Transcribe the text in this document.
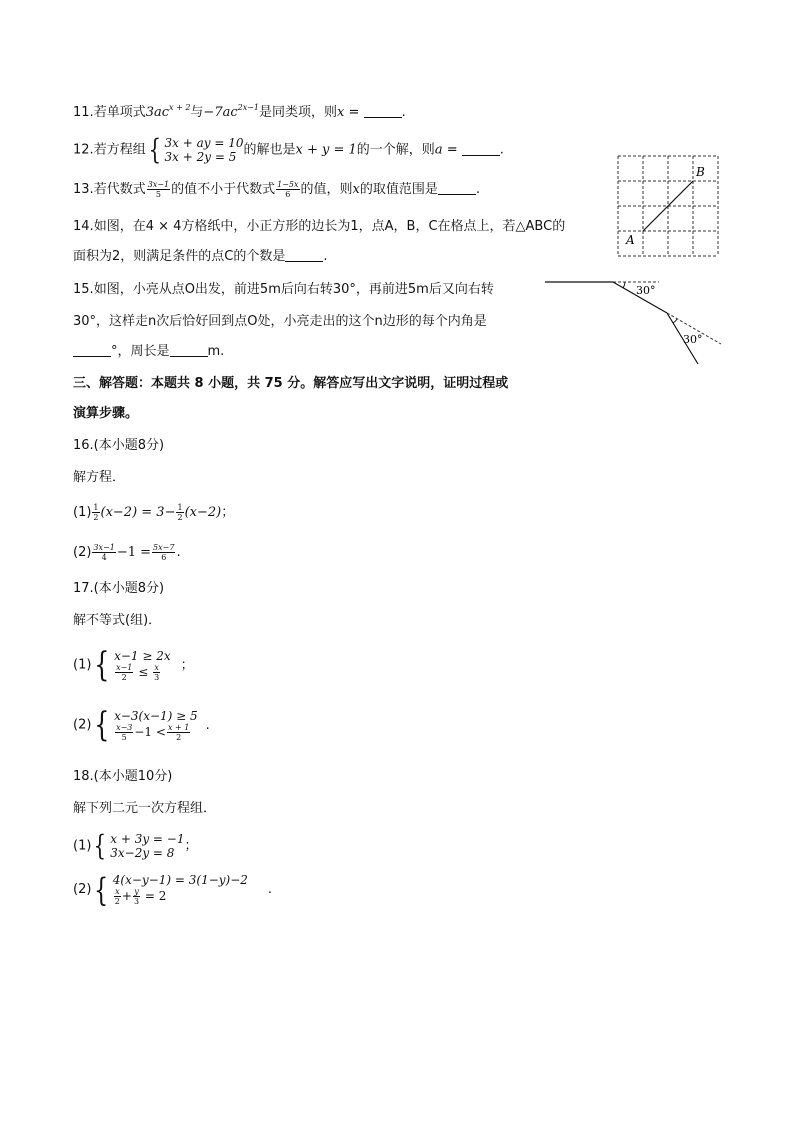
11.若单项式$3ac^{x + 2}$与$-7ac^{2x-1}$是同类项，则x =	.
12.若方程组 { 3x + ay = 10
3x + 2y = 5 的解也是x + y = 1的一个解，则a =	.
13.若代数式 $\frac{3x-1}{5}$ 的值不小于代数式 $\frac{1-5x}{6}$ 的值，则x的取值范围是	.
14.如图，在4 × 4方格纸中，小正方形的边长为1，点A，B，C在格点上，若△ABC的
面积为2，则满足条件的点C的个数是	.
15.如图，小亮从点O出发，前进5m后向右转30°，再前进5m后又向右转
30°，这样走n次后恰好回到点O处，小亮走出的这个n边形的每个内角是
°，周长是	m.
三、解答题：本题共 8 小题，共 75 分。解答应写出文字说明，证明过程或
演算步骤。
16.(本小题8分)
解方程．
$(1) \frac{1}{2} (x-2) = 3- \frac{1}{2} (x-2)$；
$(2) \frac{3x-1}{4} -1 = \frac{5x-7}{6}$ .
17.(本小题8分)
解不等式(组)．
(1) { x−1 ≥ 2x
$\frac{x-1}{2} \le \frac{x}{3}$ ；
(2) { x−3(x−1) ≥ 5
$\frac{x-3}{5} -1 < \frac{x + 1}{2}$ .
18.(本小题10分)
解下列二元一次方程组．
(1) { x + 3y = −1
3x−2y = 8 ；
(2) { 4(x−y−1) = 3(1−y)−2
$\frac{x}{2} + \frac{y}{3} = 2$	.
A
B
30°
30°
